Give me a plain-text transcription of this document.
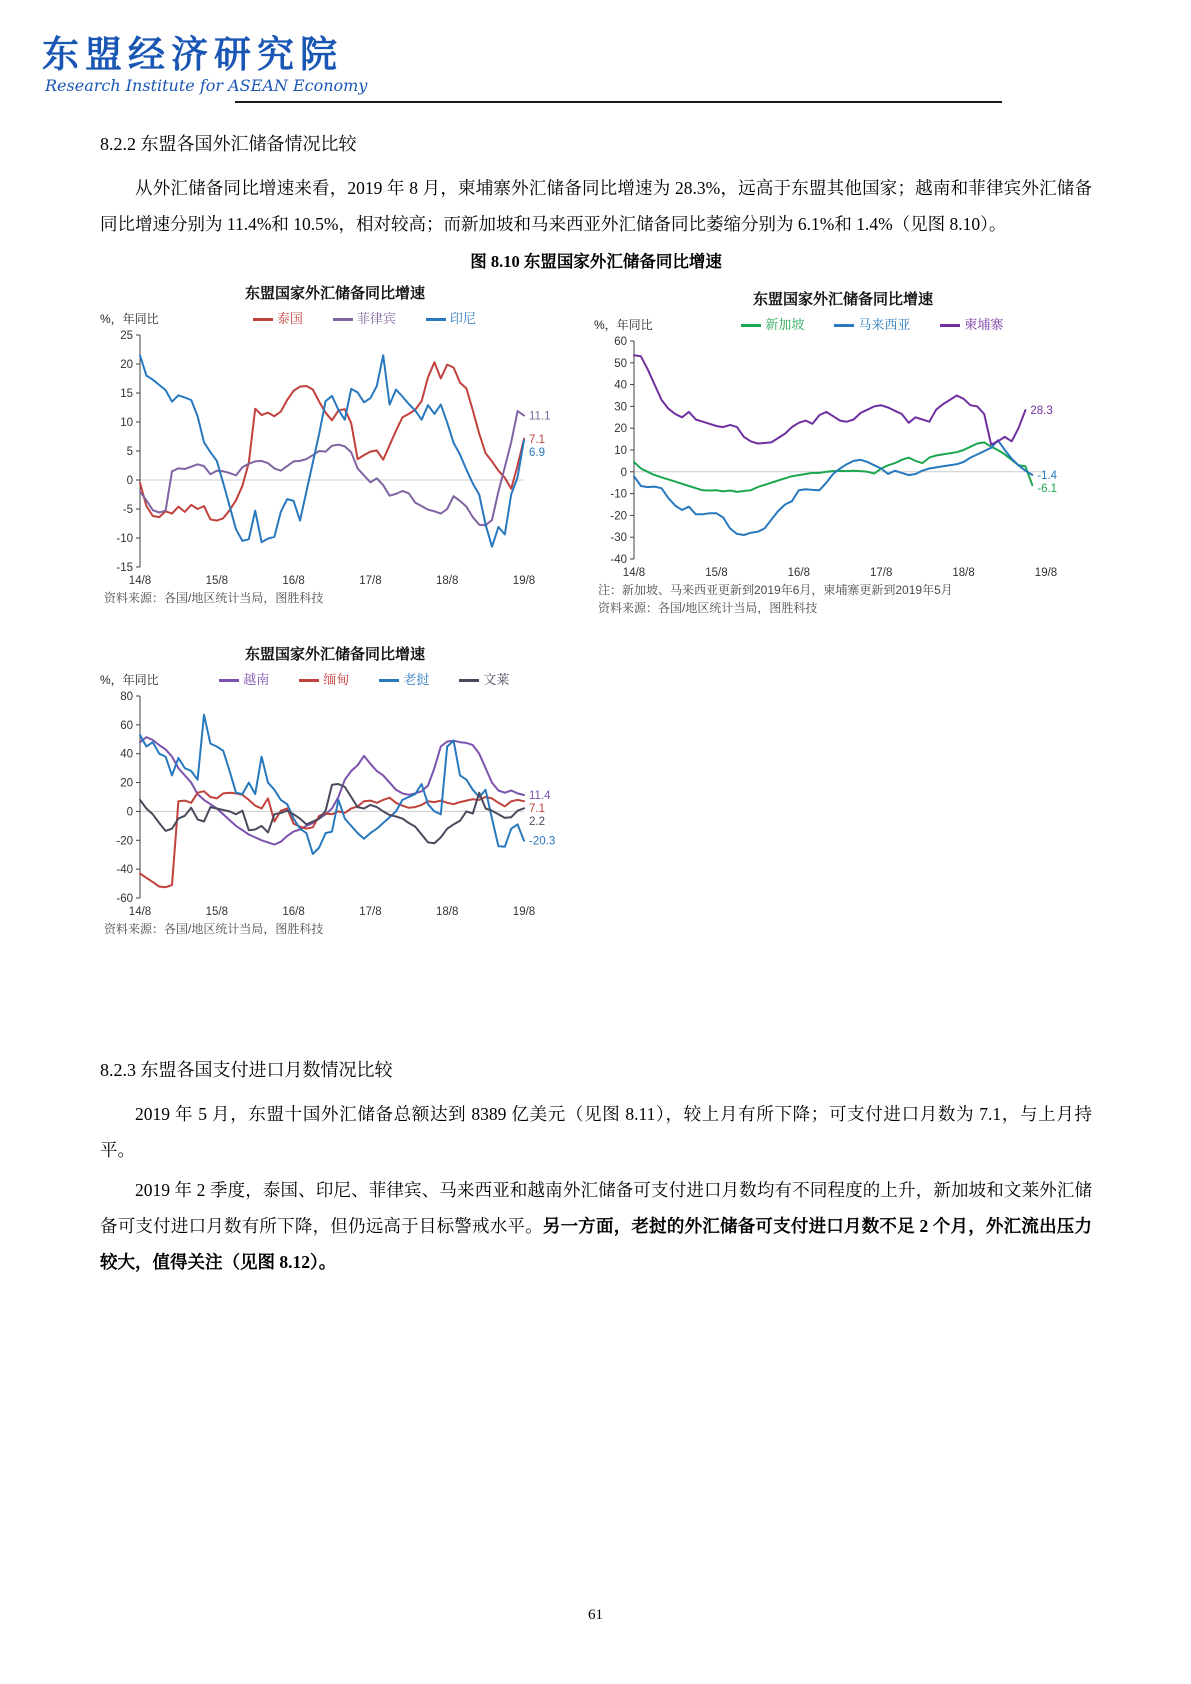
东盟经济研究院
Research Institute for ASEAN Economy
8.2.2 东盟各国外汇储备情况比较

从外汇储备同比增速来看，2019 年 8 月，柬埔寨外汇储备同比增速为 28.3%，远高于东盟其他国家；越南和菲律宾外汇储备同比增速分别为 11.4%和 10.5%，相对较高；而新加坡和马来西亚外汇储备同比萎缩分别为 6.1%和 1.4%（见图 8.10）。

图 8.10 东盟国家外汇储备同比增速
东盟国家外汇储备同比增速
%，年同比	泰国	菲律宾	印尼
-15
-10
-5
0
5
10
15
20
25
14/8	15/8	16/8	17/8	18/8	19/8
11.1
7.1
6.9
资料来源：各国/地区统计当局，图胜科技
东盟国家外汇储备同比增速
%，年同比	新加坡	马来西亚	柬埔寨
-40
-30
-20
-10
0
10
20
30
40
50
60
14/8	15/8	16/8	17/8	18/8	19/8
28.3
-1.4
-6.1
注：新加坡、马来西亚更新到2019年6月，柬埔寨更新到2019年5月
资料来源：各国/地区统计当局，图胜科技
东盟国家外汇储备同比增速
%，年同比	越南	缅甸	老挝	文莱
-60
-40
-20
0
20
40
60
80
14/8	15/8	16/8	17/8	18/8	19/8
11.4
7.1
2.2
-20.3
资料来源：各国/地区统计当局，图胜科技
8.2.3 东盟各国支付进口月数情况比较

2019 年 5 月，东盟十国外汇储备总额达到 8389 亿美元（见图 8.11），较上月有所下降；可支付进口月数为 7.1，与上月持平。

2019 年 2 季度，泰国、印尼、菲律宾、马来西亚和越南外汇储备可支付进口月数均有不同程度的上升，新加坡和文莱外汇储备可支付进口月数有所下降，但仍远高于目标警戒水平。另一方面，老挝的外汇储备可支付进口月数不足 2 个月，外汇流出压力较大，值得关注（见图 8.12）。

61
